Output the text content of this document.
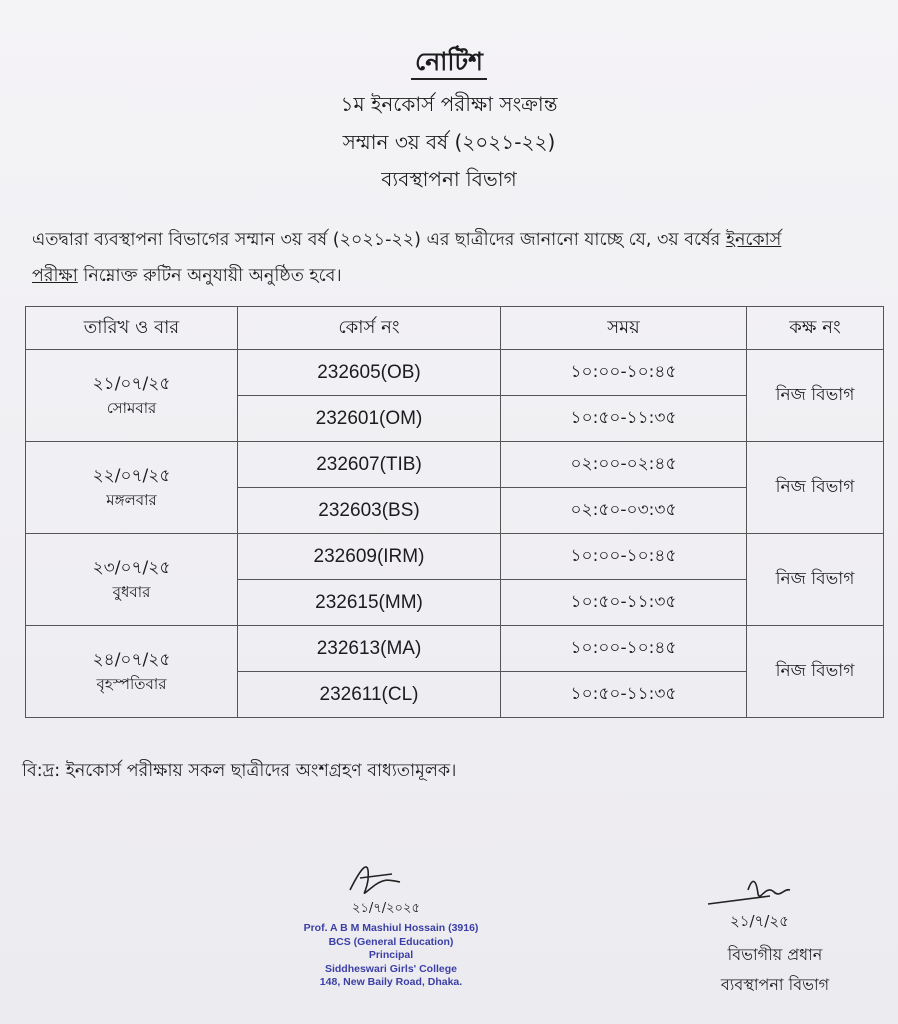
নোটিশ
১ম ইনকোর্স পরীক্ষা সংক্রান্ত
সম্মান ৩য় বর্ষ (২০২১-২২)
ব্যবস্থাপনা বিভাগ
এতদ্বারা ব্যবস্থাপনা বিভাগের সম্মান ৩য় বর্ষ (২০২১-২২) এর ছাত্রীদের জানানো যাচ্ছে যে, ৩য় বর্ষের ইনকোর্স
পরীক্ষা নিম্নোক্ত রুটিন অনুযায়ী অনুষ্ঠিত হবে।
তারিখ ও বার	কোর্স নং	সময়	কক্ষ নং

২১/০৭/২৫
সোমবার	232605(OB)	১০:০০-১০:৪৫	নিজ বিভাগ
	232601(OM)	১০:৫০-১১:৩৫	

২২/০৭/২৫
মঙ্গলবার	232607(TIB)	০২:০০-০২:৪৫	নিজ বিভাগ
	232603(BS)	০২:৫০-০৩:৩৫	

২৩/০৭/২৫
বুধবার	232609(IRM)	১০:০০-১০:৪৫	নিজ বিভাগ
	232615(MM)	১০:৫০-১১:৩৫	

২৪/০৭/২৫
বৃহস্পতিবার	232613(MA)	১০:০০-১০:৪৫	নিজ বিভাগ
	232611(CL)	১০:৫০-১১:৩৫	
বি:দ্র: ইনকোর্স পরীক্ষায় সকল ছাত্রীদের অংশগ্রহণ বাধ্যতামূলক।
২১/৭/২০২৫
Prof. A B M Mashiul Hossain (3916)
BCS (General Education)
Principal
Siddheswari Girls' College
148, New Baily Road, Dhaka.
২১/৭/২৫
বিভাগীয় প্রধান
ব্যবস্থাপনা বিভাগ
